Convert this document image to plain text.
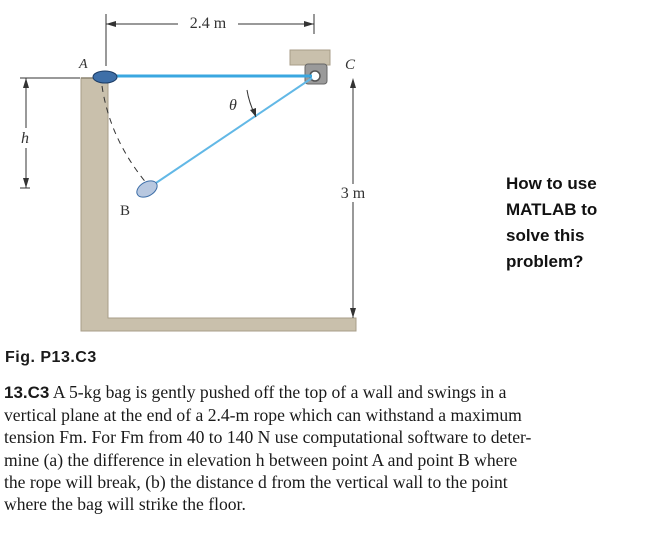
2.4 m
θ
A	C
B
h
3 m
How to use
MATLAB to
solve this
problem?
Fig. P13.C3
13.C3 A 5-kg bag is gently pushed off the top of a wall and swings in a
vertical plane at the end of a 2.4-m rope which can withstand a maximum
tension Fm. For Fm from 40 to 140 N use computational software to deter-
mine (a) the difference in elevation h between point A and point B where
the rope will break, (b) the distance d from the vertical wall to the point
where the bag will strike the floor.
